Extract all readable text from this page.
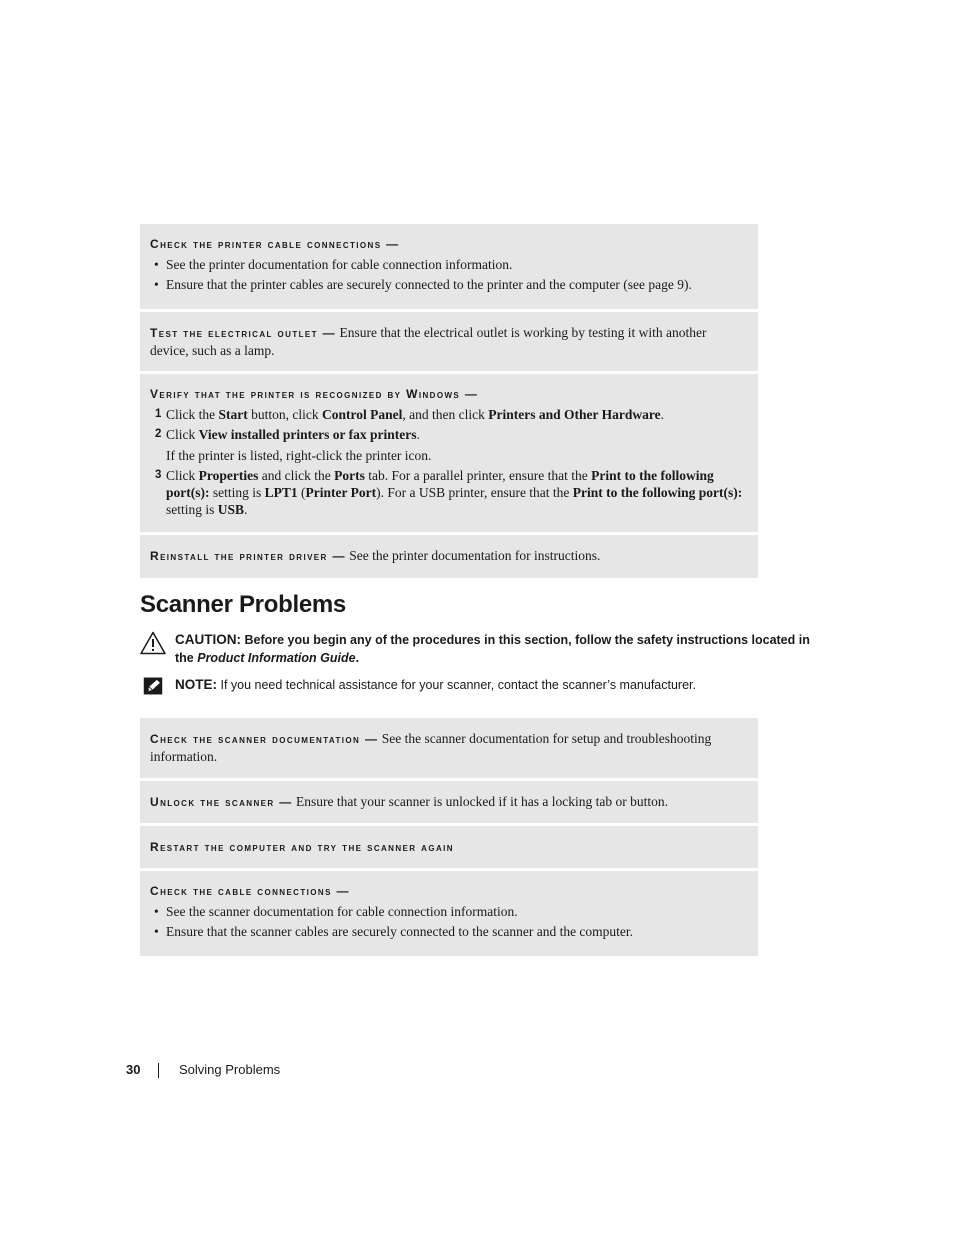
Check the printer cable connections —
• See the printer documentation for cable connection information.
• Ensure that the printer cables are securely connected to the printer and the computer (see page 9).
Test the electrical outlet — Ensure that the electrical outlet is working by testing it with another device, such as a lamp.
Verify that the printer is recognized by Windows —
1 Click the Start button, click Control Panel, and then click Printers and Other Hardware.
2 Click View installed printers or fax printers.
If the printer is listed, right-click the printer icon.
3 Click Properties and click the Ports tab. For a parallel printer, ensure that the Print to the following port(s): setting is LPT1 (Printer Port). For a USB printer, ensure that the Print to the following port(s): setting is USB.
Reinstall the printer driver — See the printer documentation for instructions.
Scanner Problems
CAUTION: Before you begin any of the procedures in this section, follow the safety instructions located in the Product Information Guide.
NOTE: If you need technical assistance for your scanner, contact the scanner’s manufacturer.
Check the scanner documentation — See the scanner documentation for setup and troubleshooting information.
Unlock the scanner — Ensure that your scanner is unlocked if it has a locking tab or button.
Restart the computer and try the scanner again
Check the cable connections —
• See the scanner documentation for cable connection information.
• Ensure that the scanner cables are securely connected to the scanner and the computer.
30	Solving Problems
